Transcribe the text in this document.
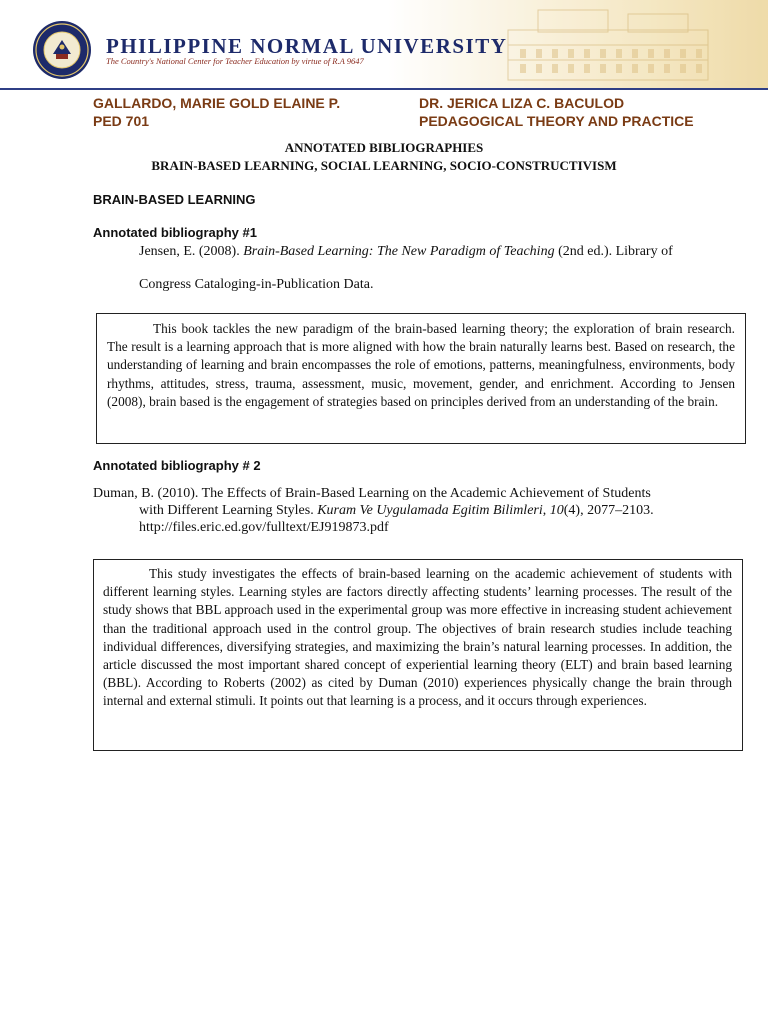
PHILIPPINE NORMAL UNIVERSITY

The Country's National Center for Teacher Education by virtue of R.A 9647

GALLARDO, MARIE GOLD ELAINE P.
PED 701
DR. JERICA LIZA C. BACULOD
PEDAGOGICAL THEORY AND PRACTICE

ANNOTATED BIBLIOGRAPHIES

BRAIN-BASED LEARNING, SOCIAL LEARNING, SOCIO-CONSTRUCTIVISM

BRAIN-BASED LEARNING

Annotated bibliography #1

Jensen, E. (2008). Brain-Based Learning: The New Paradigm of Teaching (2nd ed.). Library of

Congress Cataloging-in-Publication Data.

This book tackles the new paradigm of the brain-based learning theory; the exploration of brain research. The result is a learning approach that is more aligned with how the brain naturally learns best. Based on research, the understanding of learning and brain encompasses the role of emotions, patterns, meaningfulness, environments, body rhythms, attitudes, stress, trauma, assessment, music, movement, gender, and enrichment. According to Jensen (2008), brain based is the engagement of strategies based on principles derived from an understanding of the brain.

Annotated bibliography # 2

Duman, B. (2010). The Effects of Brain-Based Learning on the Academic Achievement of Students

with Different Learning Styles. Kuram Ve Uygulamada Egitim Bilimleri, 10(4), 2077–2103.

http://files.eric.ed.gov/fulltext/EJ919873.pdf

This study investigates the effects of brain-based learning on the academic achievement of students with different learning styles. Learning styles are factors directly affecting students’ learning processes. The result of the study shows that BBL approach used in the experimental group was more effective in increasing student achievement than the traditional approach used in the control group. The objectives of brain research studies include teaching individual differences, diversifying strategies, and maximizing the brain’s natural learning processes. In addition, the article discussed the most important shared concept of experiential learning theory (ELT) and brain based learning (BBL). According to Roberts (2002) as cited by Duman (2010) experiences physically change the brain through internal and external stimuli. It points out that learning is a process, and it occurs through experiences.
